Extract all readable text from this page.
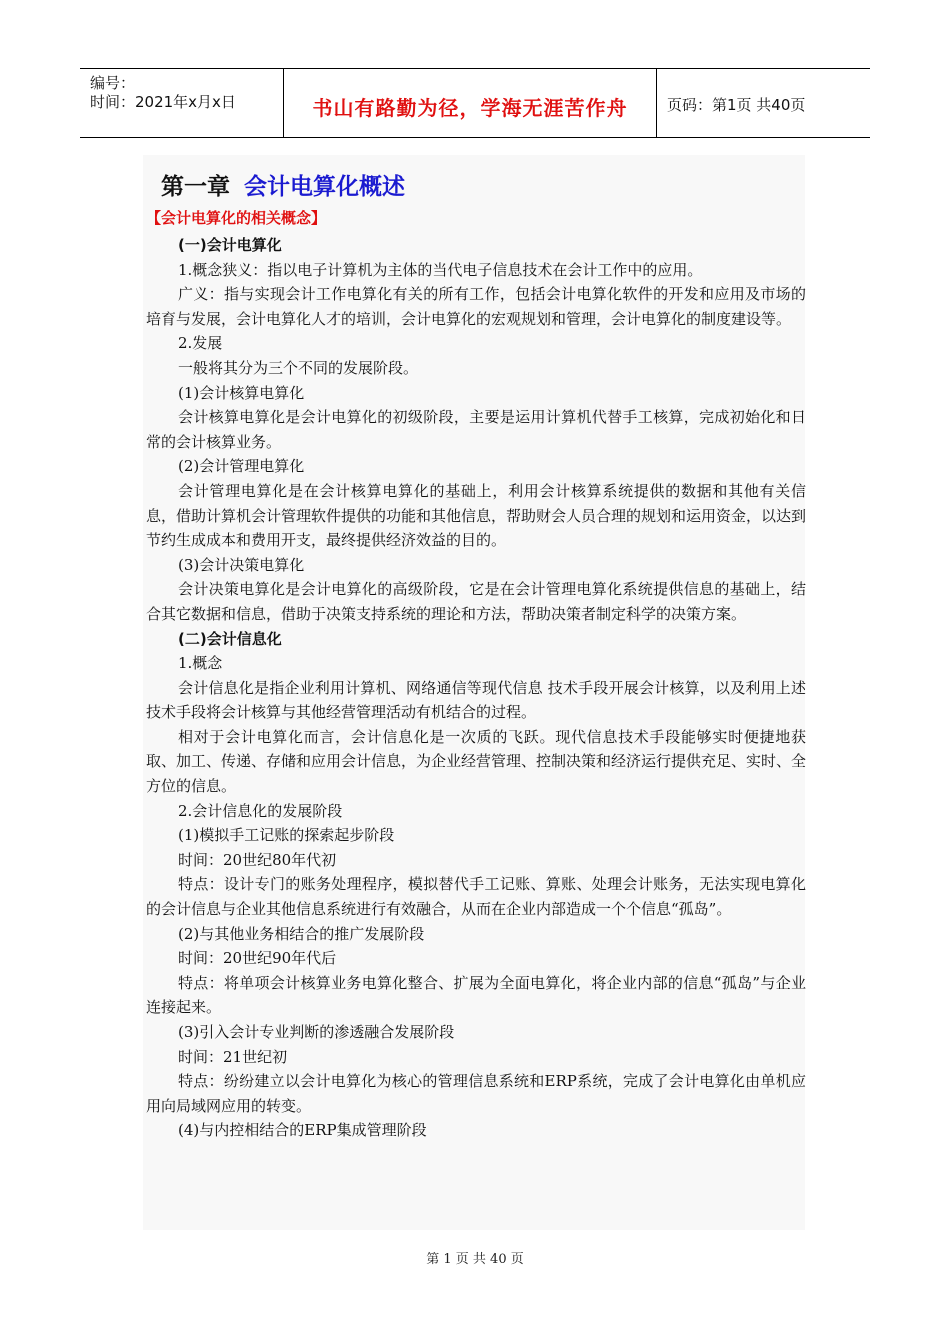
编号：
时间：2021年x月x日	书山有路勤为径，学海无涯苦作舟	页码：第1页 共40页
第一章 会计电算化概述
【会计电算化的相关概念】

(一)会计电算化

1.概念狭义：指以电子计算机为主体的当代电子信息技术在会计工作中的应用。

广义：指与实现会计工作电算化有关的所有工作，包括会计电算化软件的开发和应用及市场的培育与发展，会计电算化人才的培训，会计电算化的宏观规划和管理，会计电算化的制度建设等。

2.发展

一般将其分为三个不同的发展阶段。

(1)会计核算电算化

会计核算电算化是会计电算化的初级阶段，主要是运用计算机代替手工核算，完成初始化和日常的会计核算业务。

(2)会计管理电算化

会计管理电算化是在会计核算电算化的基础上，利用会计核算系统提供的数据和其他有关信息，借助计算机会计管理软件提供的功能和其他信息，帮助财会人员合理的规划和运用资金，以达到节约生成成本和费用开支，最终提供经济效益的目的。

(3)会计决策电算化

会计决策电算化是会计电算化的高级阶段，它是在会计管理电算化系统提供信息的基础上，结合其它数据和信息，借助于决策支持系统的理论和方法，帮助决策者制定科学的决策方案。

(二)会计信息化

1.概念

会计信息化是指企业利用计算机、网络通信等现代信息 技术手段开展会计核算，以及利用上述技术手段将会计核算与其他经营管理活动有机结合的过程。

相对于会计电算化而言，会计信息化是一次质的飞跃。现代信息技术手段能够实时便捷地获取、加工、传递、存储和应用会计信息，为企业经营管理、控制决策和经济运行提供充足、实时、全方位的信息。

2.会计信息化的发展阶段

(1)模拟手工记账的探索起步阶段

时间：20世纪80年代初

特点：设计专门的账务处理程序，模拟替代手工记账、算账、处理会计账务，无法实现电算化的会计信息与企业其他信息系统进行有效融合，从而在企业内部造成一个个信息“孤岛”。

(2)与其他业务相结合的推广发展阶段

时间：20世纪90年代后

特点：将单项会计核算业务电算化整合、扩展为全面电算化，将企业内部的信息“孤岛”与企业连接起来。

(3)引入会计专业判断的渗透融合发展阶段

时间：21世纪初

特点：纷纷建立以会计电算化为核心的管理信息系统和ERP系统，完成了会计电算化由单机应用向局域网应用的转变。

(4)与内控相结合的ERP集成管理阶段

第 1 页 共 40 页
